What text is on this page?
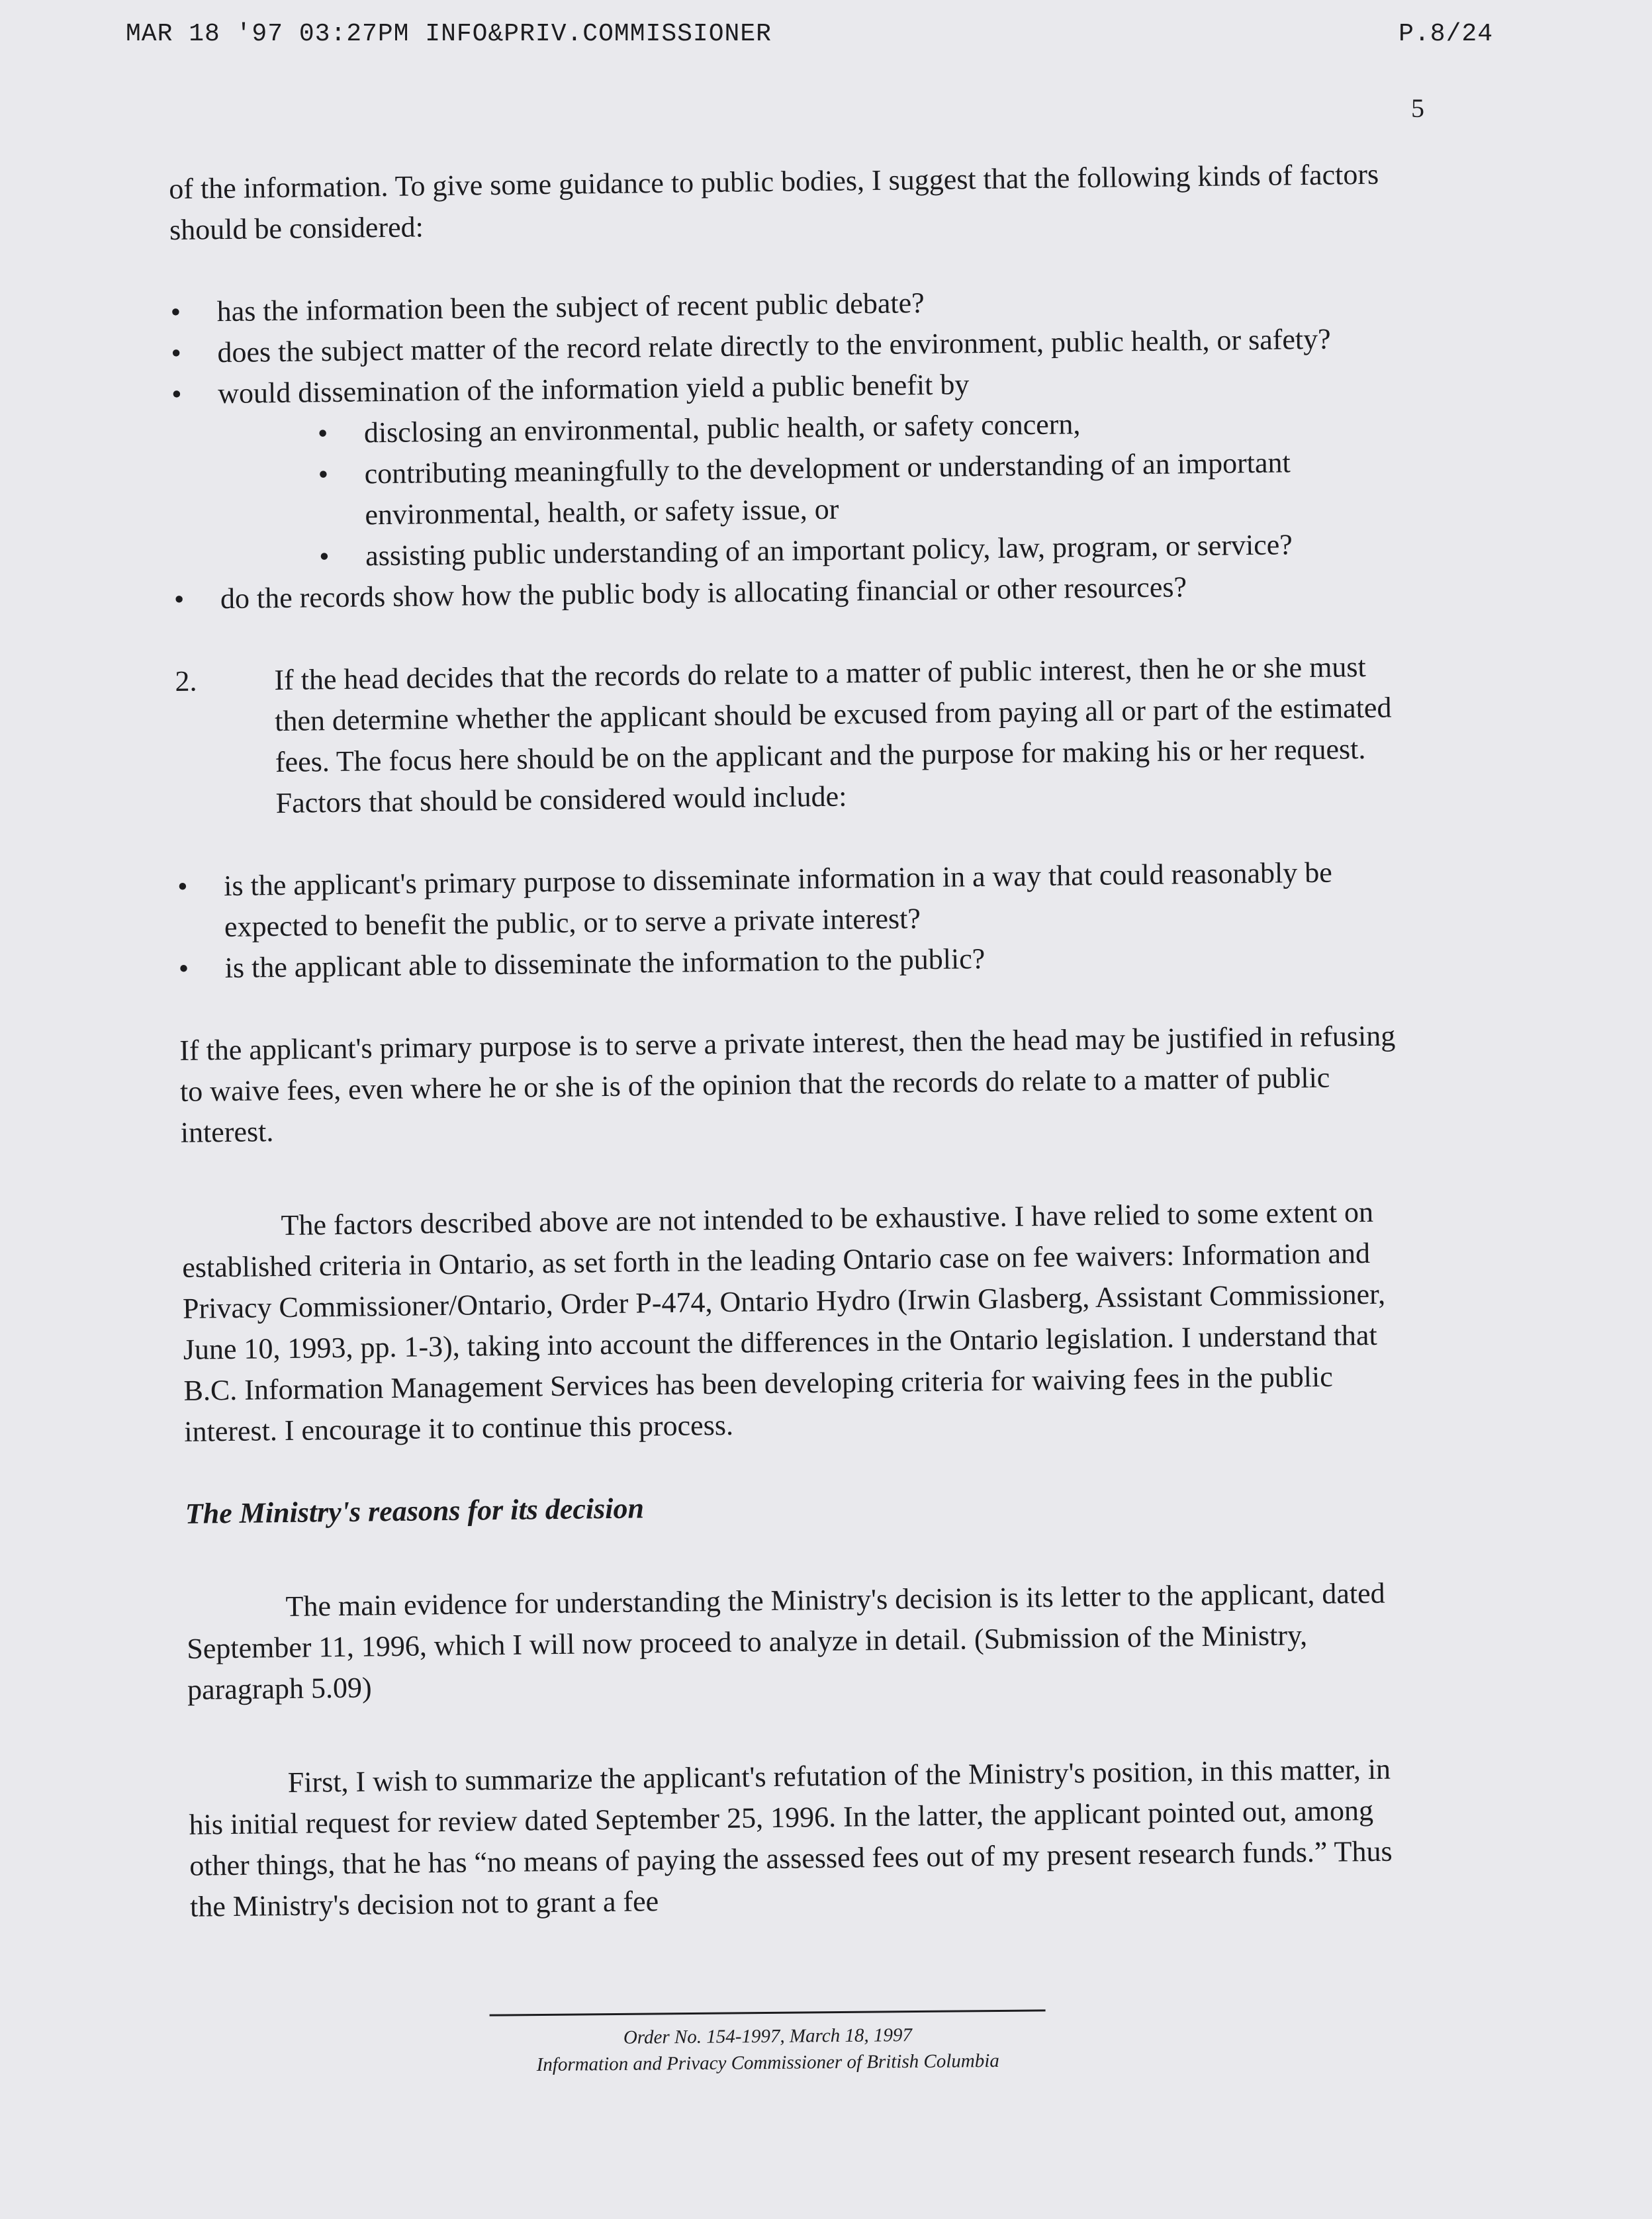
MAR 18 '97 03:27PM INFO&PRIV.COMMISSIONER	P.8/24
5

of the information. To give some guidance to public bodies, I suggest that the following kinds of factors should be considered:

• has the information been the subject of recent public debate?
• does the subject matter of the record relate directly to the environment, public health, or safety?
• would dissemination of the information yield a public benefit by
• disclosing an environmental, public health, or safety concern,
• contributing meaningfully to the development or understanding of an important environmental, health, or safety issue, or
• assisting public understanding of an important policy, law, program, or service?
• do the records show how the public body is allocating financial or other resources?
2.	If the head decides that the records do relate to a matter of public interest, then he or she must then determine whether the applicant should be excused from paying all or part of the estimated fees. The focus here should be on the applicant and the purpose for making his or her request. Factors that should be considered would include:

• is the applicant's primary purpose to disseminate information in a way that could reasonably be expected to benefit the public, or to serve a private interest?
• is the applicant able to disseminate the information to the public?

If the applicant's primary purpose is to serve a private interest, then the head may be justified in refusing to waive fees, even where he or she is of the opinion that the records do relate to a matter of public interest.

The factors described above are not intended to be exhaustive. I have relied to some extent on established criteria in Ontario, as set forth in the leading Ontario case on fee waivers: Information and Privacy Commissioner/Ontario, Order P-474, Ontario Hydro (Irwin Glasberg, Assistant Commissioner, June 10, 1993, pp. 1-3), taking into account the differences in the Ontario legislation. I understand that B.C. Information Management Services has been developing criteria for waiving fees in the public interest. I encourage it to continue this process.

The Ministry's reasons for its decision

The main evidence for understanding the Ministry's decision is its letter to the applicant, dated September 11, 1996, which I will now proceed to analyze in detail. (Submission of the Ministry, paragraph 5.09)

First, I wish to summarize the applicant's refutation of the Ministry's position, in this matter, in his initial request for review dated September 25, 1996. In the latter, the applicant pointed out, among other things, that he has “no means of paying the assessed fees out of my present research funds.” Thus the Ministry's decision not to grant a fee

Order No. 154-1997, March 18, 1997
Information and Privacy Commissioner of British Columbia
